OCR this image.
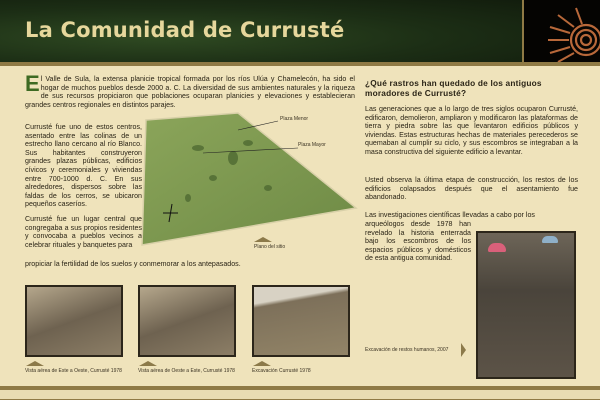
La Comunidad de Currusté
El Valle de Sula, la extensa planicie tropical formada por los ríos Ulúa y Chamelecón, ha sido el hogar de muchos pueblos desde 2000 a. C. La diversidad de sus ambientes naturales y la riqueza de sus recursos propiciaron que poblaciones ocuparan planicies y elevaciones y establecieran grandes centros regionales en distintos parajes.
Currusté fue uno de estos centros, asentado entre las colinas de un estrecho llano cercano al río Blanco. Sus habitantes construyeron grandes plazas públicas, edificios cívicos y ceremoniales y viviendas entre 700-1000 d. C. En sus alrededores, dispersos sobre las faldas de los cerros, se ubicaron pequeños caseríos.
Currusté fue un lugar central que congregaba a sus propios residentes y convocaba a pueblos vecinos a celebrar rituales y banquetes para
propiciar la fertilidad de los suelos y conmemorar a los antepasados.
Plaza Menor
Plaza Mayor
Plano del sitio
Vista aérea de Este a Oeste, Currusté 1978	Vista aérea de Oeste a Este, Currusté 1978	Excavación Currusté 1978
¿Qué rastros han quedado de los antiguos moradores de Currusté?
Las generaciones que a lo largo de tres siglos ocuparon Currusté, edificaron, demolieron, ampliaron y modificaron las plataformas de tierra y piedra sobre las que levantaron edificios públicos y viviendas. Estas estructuras hechas de materiales perecederos se quemaban al cumplir su ciclo, y sus escombros se integraban a la masa constructiva del siguiente edificio a levantar.
Usted observa la última etapa de construcción, los restos de los edificios colapsados después que el asentamiento fue abandonado.
Las investigaciones científicas llevadas a cabo por los
arqueólogos desde 1978 han revelado la historia enterrada bajo los escombros de los espacios públicos y domésticos de esta antigua comunidad.
Excavación de restos humanos, 2007
